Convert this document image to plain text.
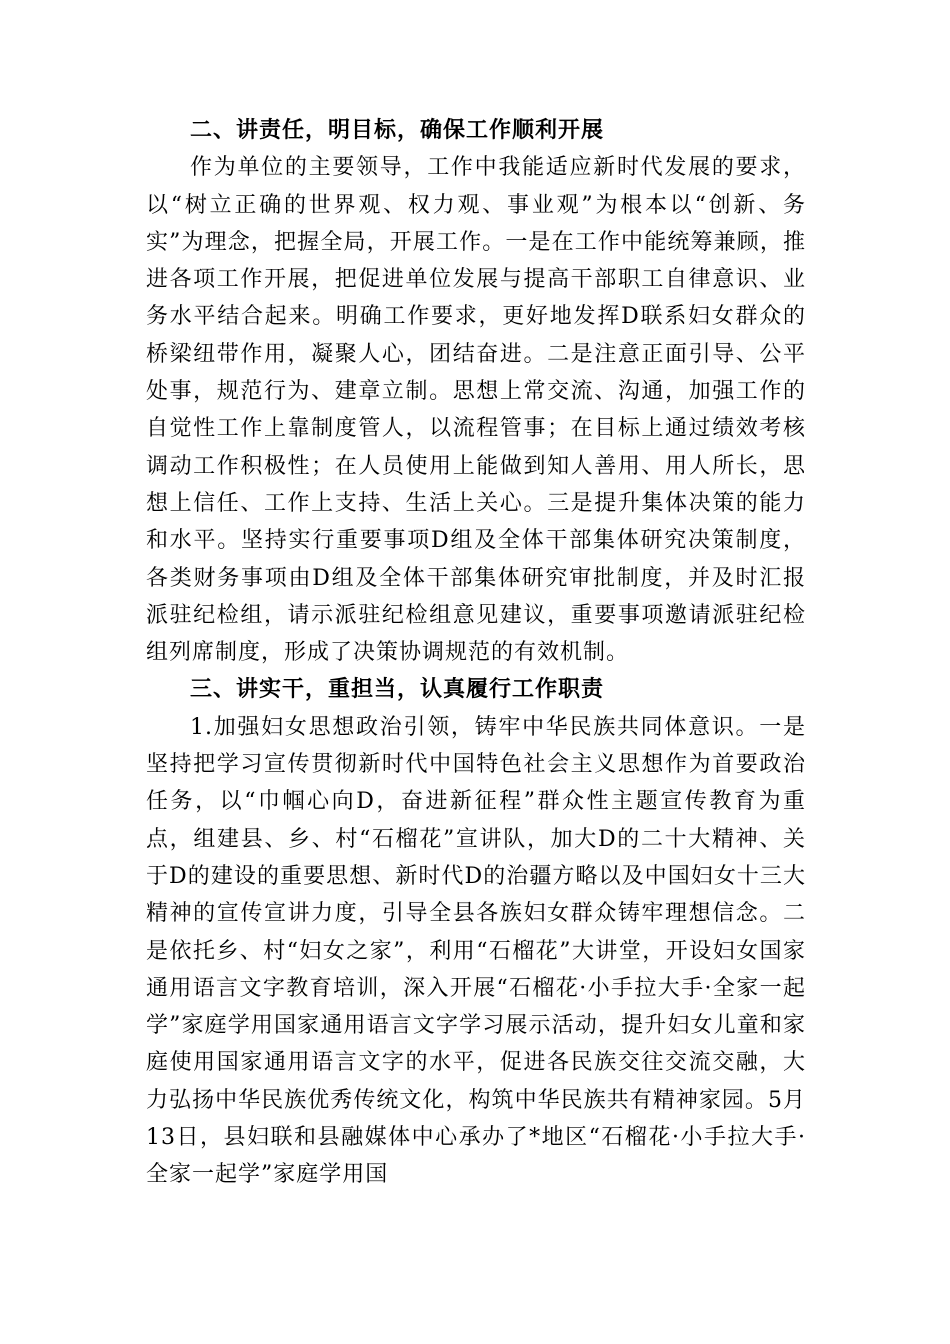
二、讲责任，明目标，确保工作顺利开展

作为单位的主要领导，工作中我能适应新时代发展的要求，以“树立正确的世界观、权力观、事业观”为根本以“创新、务实”为理念，把握全局，开展工作。一是在工作中能统筹兼顾，推进各项工作开展，把促进单位发展与提高干部职工自律意识、业务水平结合起来。明确工作要求，更好地发挥D联系妇女群众的桥梁纽带作用，凝聚人心，团结奋进。二是注意正面引导、公平处事，规范行为、建章立制。思想上常交流、沟通，加强工作的自觉性工作上靠制度管人，以流程管事；在目标上通过绩效考核调动工作积极性；在人员使用上能做到知人善用、用人所长，思想上信任、工作上支持、生活上关心。三是提升集体决策的能力和水平。坚持实行重要事项D组及全体干部集体研究决策制度，各类财务事项由D组及全体干部集体研究审批制度，并及时汇报派驻纪检组，请示派驻纪检组意见建议，重要事项邀请派驻纪检组列席制度，形成了决策协调规范的有效机制。

三、讲实干，重担当，认真履行工作职责

1.加强妇女思想政治引领，铸牢中华民族共同体意识。一是坚持把学习宣传贯彻新时代中国特色社会主义思想作为首要政治任务，以“巾帼心向D，奋进新征程”群众性主题宣传教育为重点，组建县、乡、村“石榴花”宣讲队，加大D的二十大精神、关于D的建设的重要思想、新时代D的治疆方略以及中国妇女十三大精神的宣传宣讲力度，引导全县各族妇女群众铸牢理想信念。二是依托乡、村“妇女之家”，利用“石榴花”大讲堂，开设妇女国家通用语言文字教育培训，深入开展“石榴花·小手拉大手·全家一起学”家庭学用国家通用语言文字学习展示活动，提升妇女儿童和家庭使用国家通用语言文字的水平，促进各民族交往交流交融，大力弘扬中华民族优秀传统文化，构筑中华民族共有精神家园。5月13日，县妇联和县融媒体中心承办了*地区“石榴花·小手拉大手·全家一起学”家庭学用国
